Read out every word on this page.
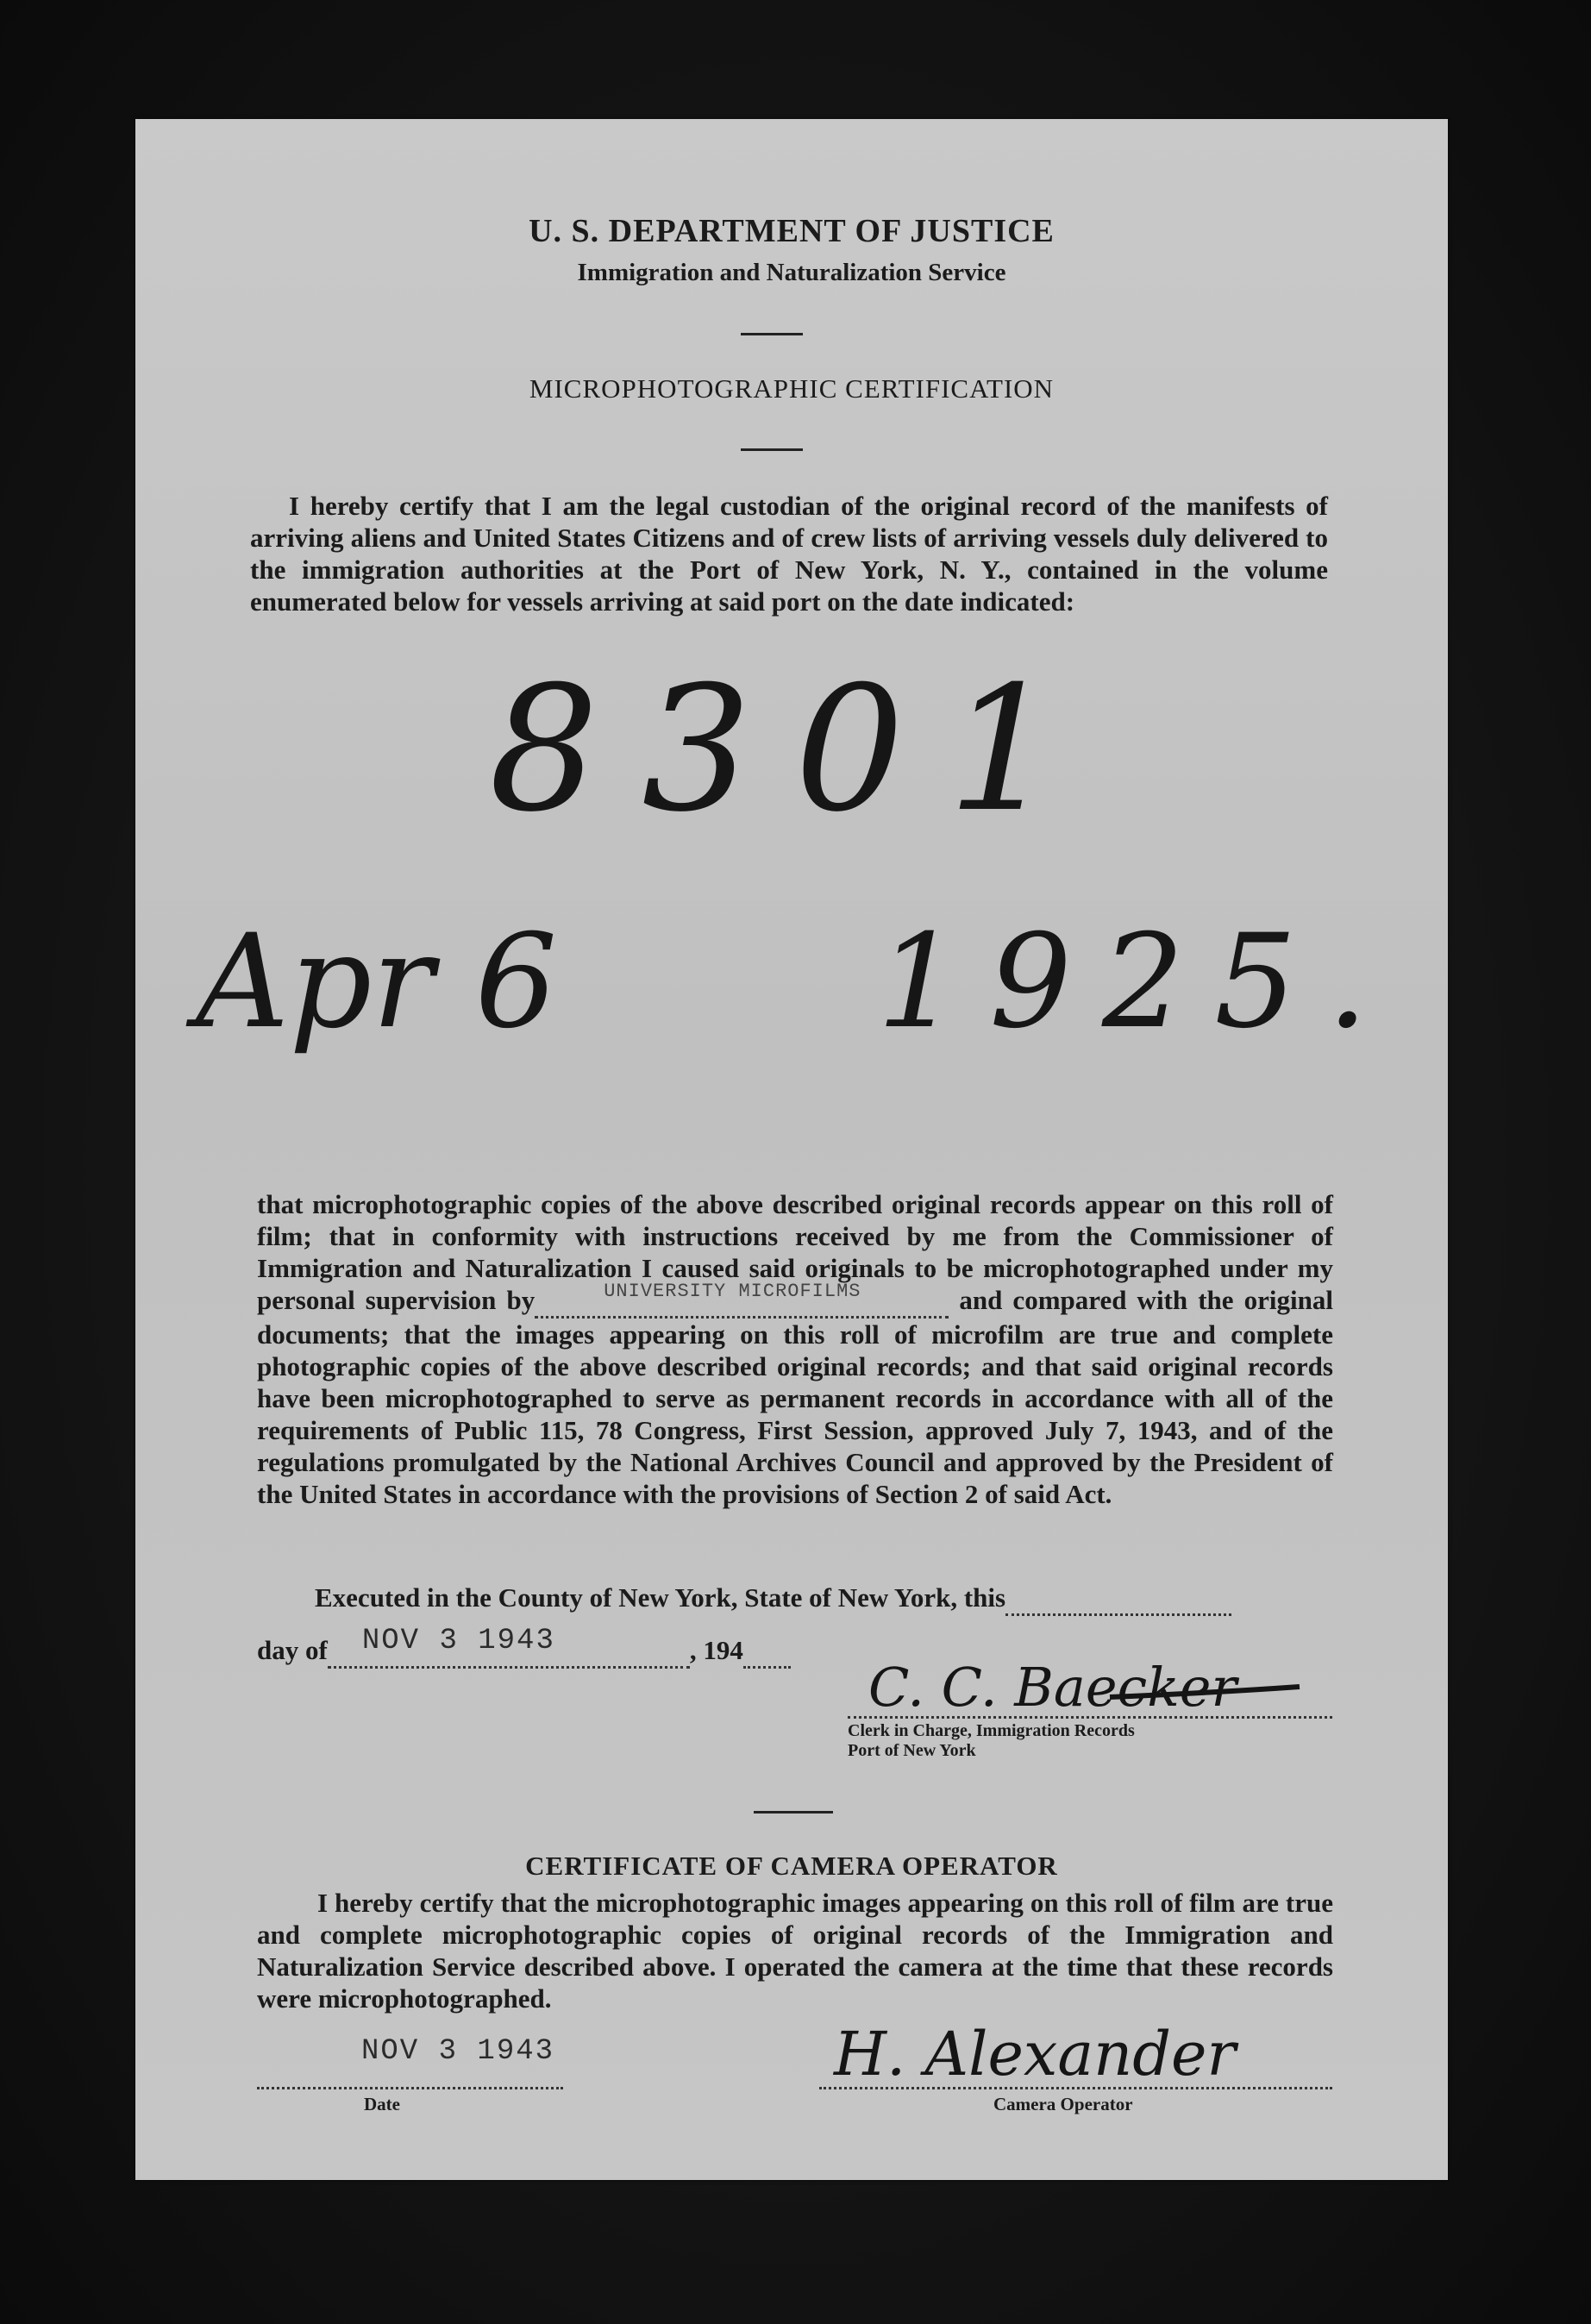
U. S. DEPARTMENT OF JUSTICE
Immigration and Naturalization Service
MICROPHOTOGRAPHIC CERTIFICATION
I hereby certify that I am the legal custodian of the original record of the manifests of arriving aliens and United States Citizens and of crew lists of arriving vessels duly delivered to the immigration authorities at the Port of New York, N. Y., contained in the volume enumerated below for vessels arriving at said port on the date indicated:
8301
Apr 6 1925.
that microphotographic copies of the above described original records appear on this roll of film; that in conformity with instructions received by me from the Commissioner of Immigration and Naturalization I caused said originals to be microphotographed under my personal supervision by	UNIVERSITY MICROFILMS	and compared with the original documents; that the images appearing on this roll of microfilm are true and complete photographic copies of the above described original records; and that said original records have been microphotographed to serve as permanent records in accordance with all of the requirements of Public 115, 78 Congress, First Session, approved July 7, 1943, and of the regulations promulgated by the National Archives Council and approved by the President of the United States in accordance with the provisions of Section 2 of said Act.
Executed in the County of New York, State of New York, this
day of NOV 3 1943	, 194
C. C. Baecker
Clerk in Charge, Immigration Records
Port of New York
CERTIFICATE OF CAMERA OPERATOR
I hereby certify that the microphotographic images appearing on this roll of film are true and complete microphotographic copies of original records of the Immigration and Naturalization Service described above. I operated the camera at the time that these records were microphotographed.
NOV 3 1943
Date
H. Alexander
Camera Operator
